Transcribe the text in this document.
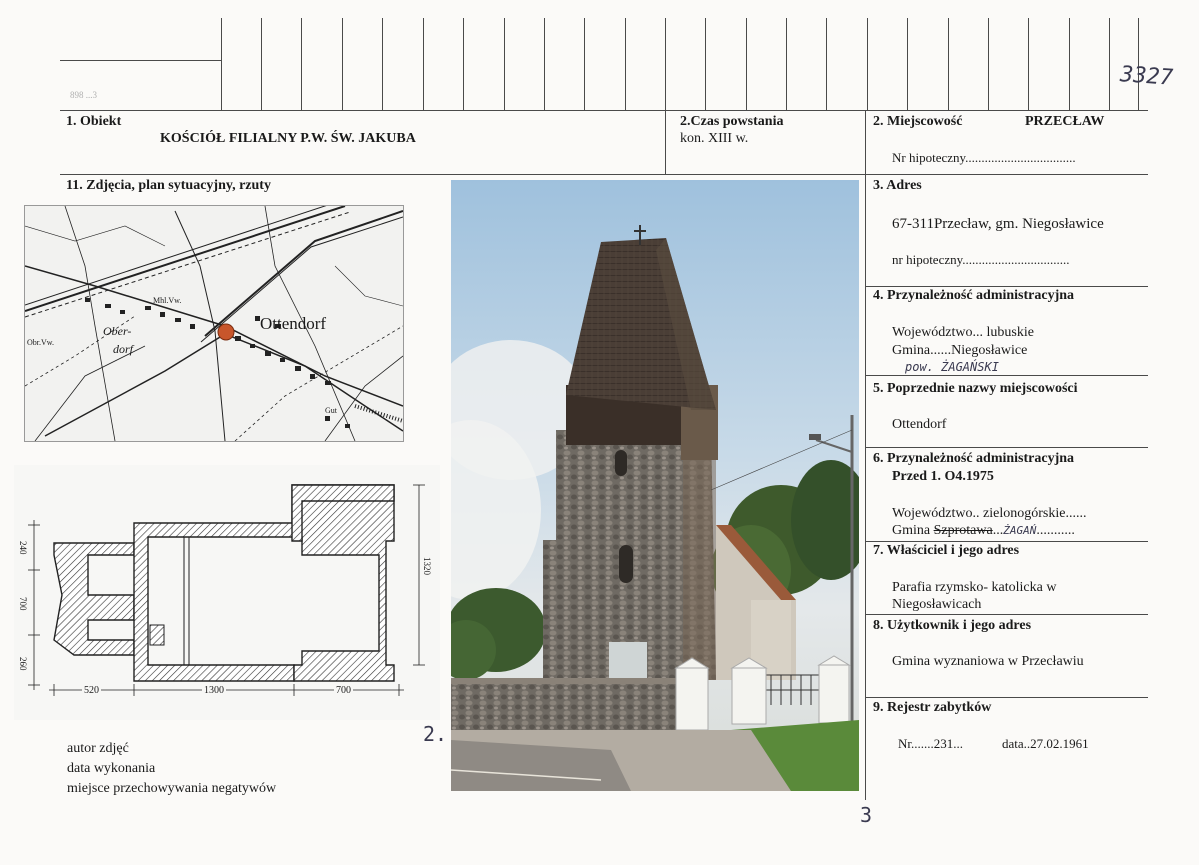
898 ...3
3327
1. Obiekt
KOŚCIÓŁ FILIALNY P.W. ŚW. JAKUBA
2.Czas powstania
kon. XIII w.
2. Miejscowość	PRZECŁAW
Nr hipoteczny..................................
11. Zdjęcia, plan sytuacyjny, rzuty
Ottendorf
Ober-
dorf
Obr.Vw.
Mhl.Vw.
Gut
520	1300	700
240
700
260
1320
2.
autor zdjęć
data wykonania
miejsce przechowywania negatywów
3
3. Adres
67-311Przecław, gm. Niegosławice
nr hipoteczny.................................
4. Przynależność administracyjna
Województwo... lubuskie
Gmina......Niegosławice
pow. ŻAGAŃSKI
5. Poprzednie nazwy miejscowości
Ottendorf
6. Przynależność administracyjna
Przed 1. O4.1975
Województwo.. zielonogórskie......
Gmina Szprotawa...ŻAGAŃ...........
7. Właściciel i jego adres
Parafia rzymsko- katolicka w
Niegosławicach
8. Użytkownik i jego adres
Gmina wyznaniowa w Przecławiu
9. Rejestr zabytków
Nr.......231...	data..27.02.1961
